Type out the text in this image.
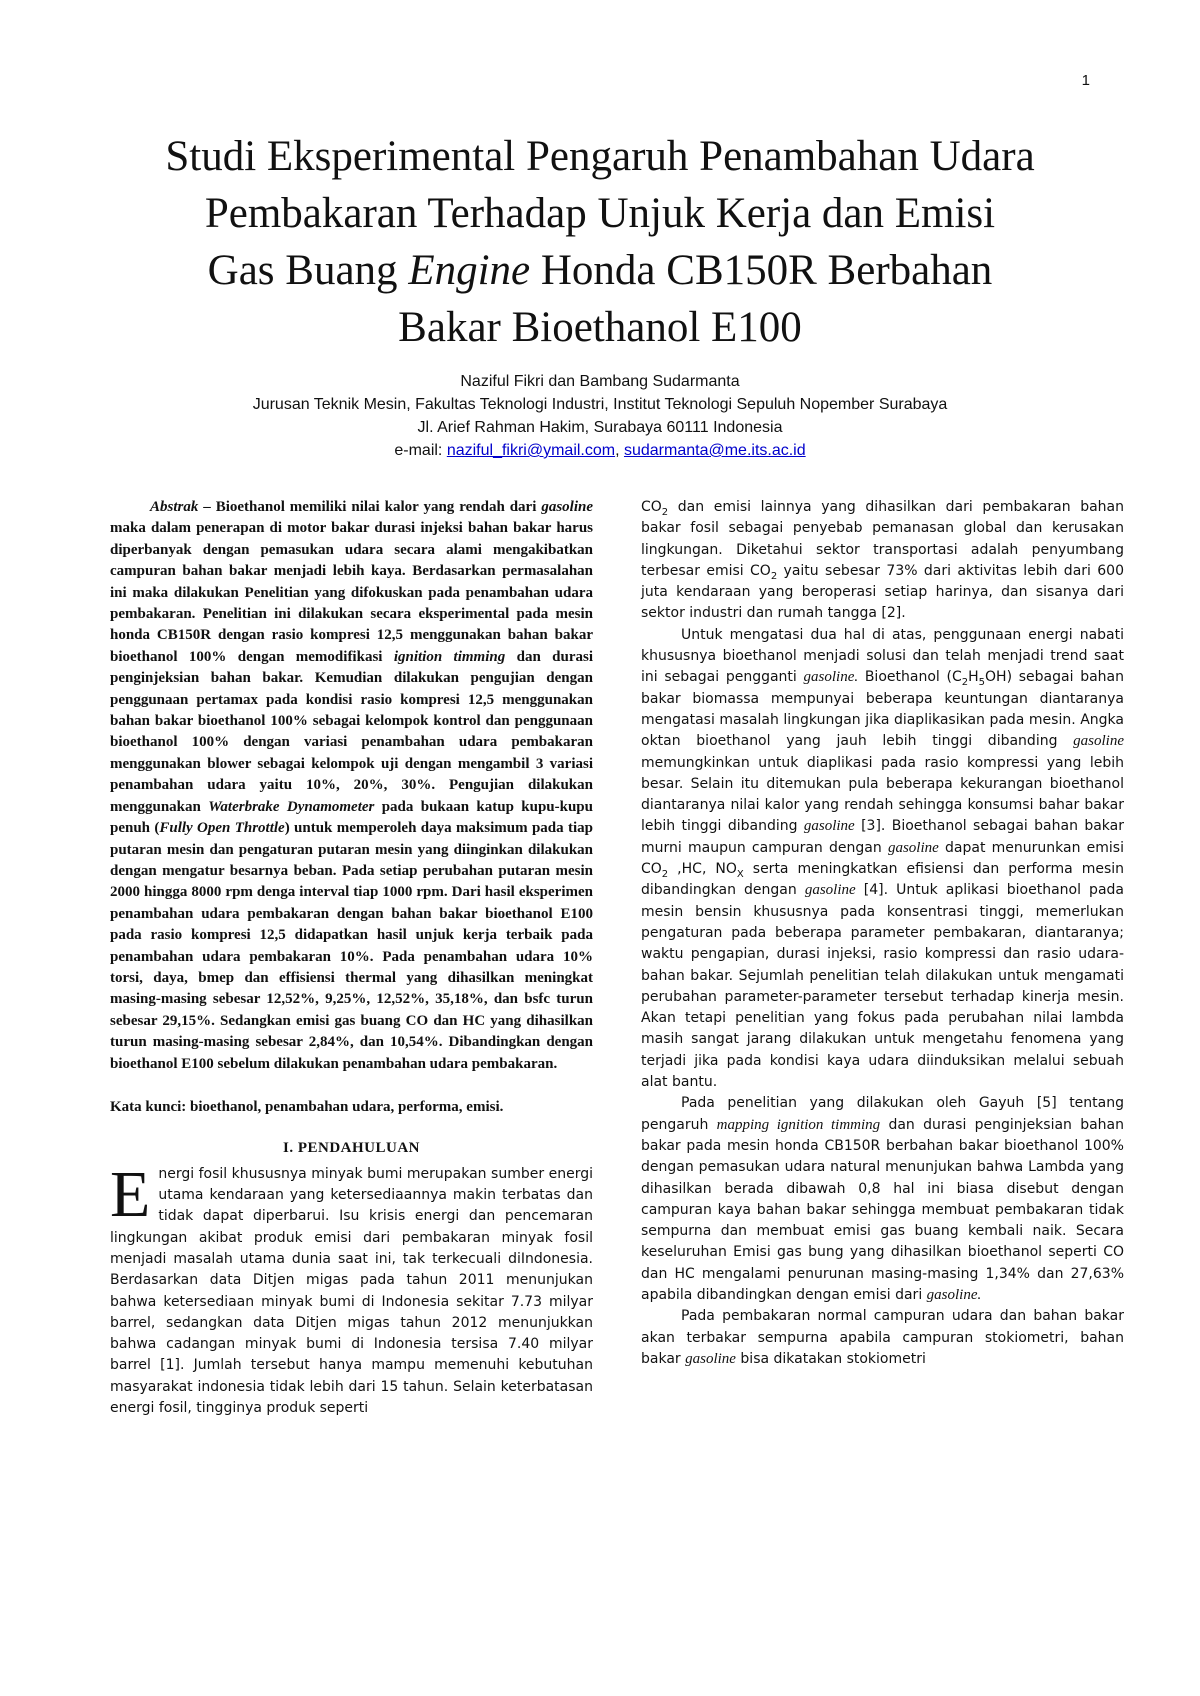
1
Studi Eksperimental Pengaruh Penambahan Udara
Pembakaran Terhadap Unjuk Kerja dan Emisi
Gas Buang Engine Honda CB150R Berbahan
Bakar Bioethanol E100
Naziful Fikri dan Bambang Sudarmanta
Jurusan Teknik Mesin, Fakultas Teknologi Industri, Institut Teknologi Sepuluh Nopember Surabaya
Jl. Arief Rahman Hakim, Surabaya 60111 Indonesia
e-mail: naziful_fikri@ymail.com, sudarmanta@me.its.ac.id

Abstrak – Bioethanol memiliki nilai kalor yang rendah dari gasoline maka dalam penerapan di motor bakar durasi injeksi bahan bakar harus diperbanyak dengan pemasukan udara secara alami mengakibatkan campuran bahan bakar menjadi lebih kaya. Berdasarkan permasalahan ini maka dilakukan Penelitian yang difokuskan pada penambahan udara pembakaran. Penelitian ini dilakukan secara eksperimental pada mesin honda CB150R dengan rasio kompresi 12,5 menggunakan bahan bakar bioethanol 100% dengan memodifikasi ignition timming dan durasi penginjeksian bahan bakar. Kemudian dilakukan pengujian dengan penggunaan pertamax pada kondisi rasio kompresi 12,5 menggunakan bahan bakar bioethanol 100% sebagai kelompok kontrol dan penggunaan bioethanol 100% dengan variasi penambahan udara pembakaran menggunakan blower sebagai kelompok uji dengan mengambil 3 variasi penambahan udara yaitu 10%, 20%, 30%. Pengujian dilakukan menggunakan Waterbrake Dynamometer pada bukaan katup kupu-kupu penuh (Fully Open Throttle) untuk memperoleh daya maksimum pada tiap putaran mesin dan pengaturan putaran mesin yang diinginkan dilakukan dengan mengatur besarnya beban. Pada setiap perubahan putaran mesin 2000 hingga 8000 rpm denga interval tiap 1000 rpm. Dari hasil eksperimen penambahan udara pembakaran dengan bahan bakar bioethanol E100 pada rasio kompresi 12,5 didapatkan hasil unjuk kerja terbaik pada penambahan udara pembakaran 10%. Pada penambahan udara 10% torsi, daya, bmep dan effisiensi thermal yang dihasilkan meningkat masing-masing sebesar 12,52%, 9,25%, 12,52%, 35,18%, dan bsfc turun sebesar 29,15%. Sedangkan emisi gas buang CO dan HC yang dihasilkan turun masing-masing sebesar 2,84%, dan 10,54%. Dibandingkan dengan bioethanol E100 sebelum dilakukan penambahan udara pembakaran.

Kata kunci: bioethanol, penambahan udara, performa, emisi.

I. PENDAHULUAN

Energi fosil khususnya minyak bumi merupakan sumber energi utama kendaraan yang ketersediaannya makin terbatas dan tidak dapat diperbarui. Isu krisis energi dan pencemaran lingkungan akibat produk emisi dari pembakaran minyak fosil menjadi masalah utama dunia saat ini, tak terkecuali diIndonesia. Berdasarkan data Ditjen migas pada tahun 2011 menunjukan bahwa ketersediaan minyak bumi di Indonesia sekitar 7.73 milyar barrel, sedangkan data Ditjen migas tahun 2012 menunjukkan bahwa cadangan minyak bumi di Indonesia tersisa 7.40 milyar barrel [1]. Jumlah tersebut hanya mampu memenuhi kebutuhan masyarakat indonesia tidak lebih dari 15 tahun. Selain keterbatasan energi fosil, tingginya produk seperti

$CO_2$ dan emisi lainnya yang dihasilkan dari pembakaran bahan bakar fosil sebagai penyebab pemanasan global dan kerusakan lingkungan. Diketahui sektor transportasi adalah penyumbang terbesar emisi $CO_2$ yaitu sebesar 73% dari aktivitas lebih dari 600 juta kendaraan yang beroperasi setiap harinya, dan sisanya dari sektor industri dan rumah tangga [2].

Untuk mengatasi dua hal di atas, penggunaan energi nabati khususnya bioethanol menjadi solusi dan telah menjadi trend saat ini sebagai pengganti gasoline. Bioethanol $(C_2H_5OH)$ sebagai bahan bakar biomassa mempunyai beberapa keuntungan diantaranya mengatasi masalah lingkungan jika diaplikasikan pada mesin. Angka oktan bioethanol yang jauh lebih tinggi dibanding gasoline memungkinkan untuk diaplikasi pada rasio kompressi yang lebih besar. Selain itu ditemukan pula beberapa kekurangan bioethanol diantaranya nilai kalor yang rendah sehingga konsumsi bahar bakar lebih tinggi dibanding gasoline [3]. Bioethanol sebagai bahan bakar murni maupun campuran dengan gasoline dapat menurunkan emisi $CO_2$ ,HC, $NO_X$ serta meningkatkan efisiensi dan performa mesin dibandingkan dengan gasoline [4]. Untuk aplikasi bioethanol pada mesin bensin khususnya pada konsentrasi tinggi, memerlukan pengaturan pada beberapa parameter pembakaran, diantaranya; waktu pengapian, durasi injeksi, rasio kompressi dan rasio udara-bahan bakar. Sejumlah penelitian telah dilakukan untuk mengamati perubahan parameter-parameter tersebut terhadap kinerja mesin. Akan tetapi penelitian yang fokus pada perubahan nilai lambda masih sangat jarang dilakukan untuk mengetahu fenomena yang terjadi jika pada kondisi kaya udara diinduksikan melalui sebuah alat bantu.

Pada penelitian yang dilakukan oleh Gayuh [5] tentang pengaruh mapping ignition timming dan durasi penginjeksian bahan bakar pada mesin honda CB150R berbahan bakar bioethanol 100% dengan pemasukan udara natural menunjukan bahwa Lambda yang dihasilkan berada dibawah 0,8 hal ini biasa disebut dengan campuran kaya bahan bakar sehingga membuat pembakaran tidak sempurna dan membuat emisi gas buang kembali naik. Secara keseluruhan Emisi gas bung yang dihasilkan bioethanol seperti CO dan HC mengalami penurunan masing-masing 1,34% dan 27,63% apabila dibandingkan dengan emisi dari gasoline.

Pada pembakaran normal campuran udara dan bahan bakar akan terbakar sempurna apabila campuran stokiometri, bahan bakar gasoline bisa dikatakan stokiometri
